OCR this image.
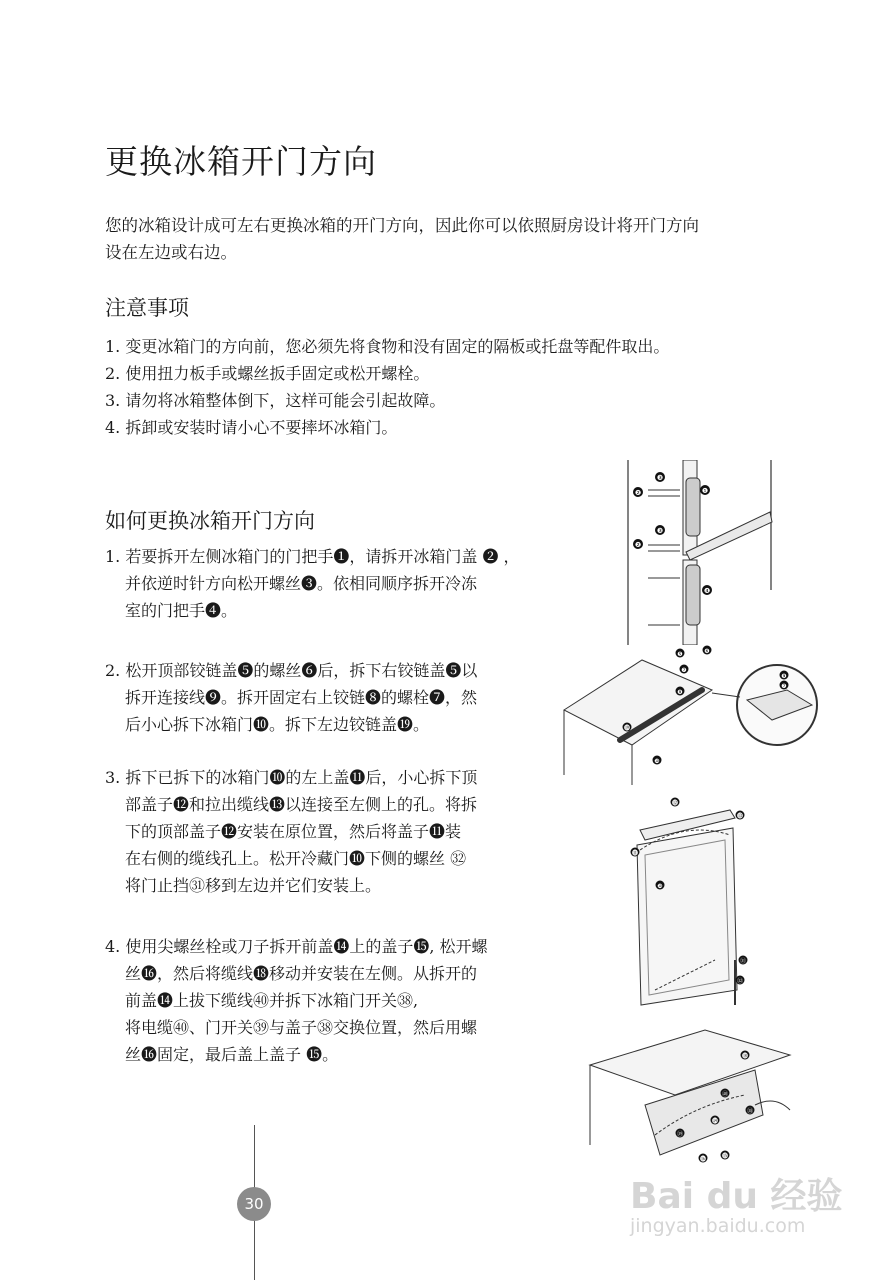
更换冰箱开门方向
您的冰箱设计成可左右更换冰箱的开门方向，因此你可以依照厨房设计将开门方向
设在左边或右边。
注意事项
1. 变更冰箱门的方向前，您必须先将食物和没有固定的隔板或托盘等配件取出。
2. 使用扭力板手或螺丝扳手固定或松开螺栓。
3. 请勿将冰箱整体倒下，这样可能会引起故障。
4. 拆卸或安装时请小心不要摔坏冰箱门。
如何更换冰箱开门方向
1. 若要拆开左侧冰箱门的门把手❶，请拆开冰箱门盖 ❷ ，
并依逆时针方向松开螺丝❸。依相同顺序拆开冷冻
室的门把手❹。
2. 松开顶部铰链盖❺的螺丝❻后，拆下右铰链盖❺以
拆开连接线❾。拆开固定右上铰链❽的螺栓❼，然
后小心拆下冰箱门❿。拆下左边铰链盖⓳。
3. 拆下已拆下的冰箱门❿的左上盖⓫后，小心拆下顶
部盖子⓬和拉出缆线⓭以连接至左侧上的孔。将拆
下的顶部盖子⓬安装在原位置，然后将盖子⓫装
在右侧的缆线孔上。松开冷藏门❿下侧的螺丝 ㉜
将门止挡㉛移到左边并它们安装上。
4. 使用尖螺丝栓或刀子拆开前盖⓮上的盖子⓯, 松开螺
丝⓰，然后将缆线⓲移动并安装在左侧。从拆开的
前盖⓮上拔下缆线㊵并拆下冰箱门开关㊳,
将电缆㊵、门开关㊴与盖子㊳交换位置，然后用螺
丝⓰固定，最后盖上盖子 ⓯。
❶
❷
❸
❷
❸
❹
❺	❻
❼
❽
⓳
❿
❾
❼
⓬
⓭
⓫
❿
㉛
㉜
⓲
㊵
⓮
㊳
㊴
⓰	⓯
30	Bai du 经验
jingyan.baidu.com
